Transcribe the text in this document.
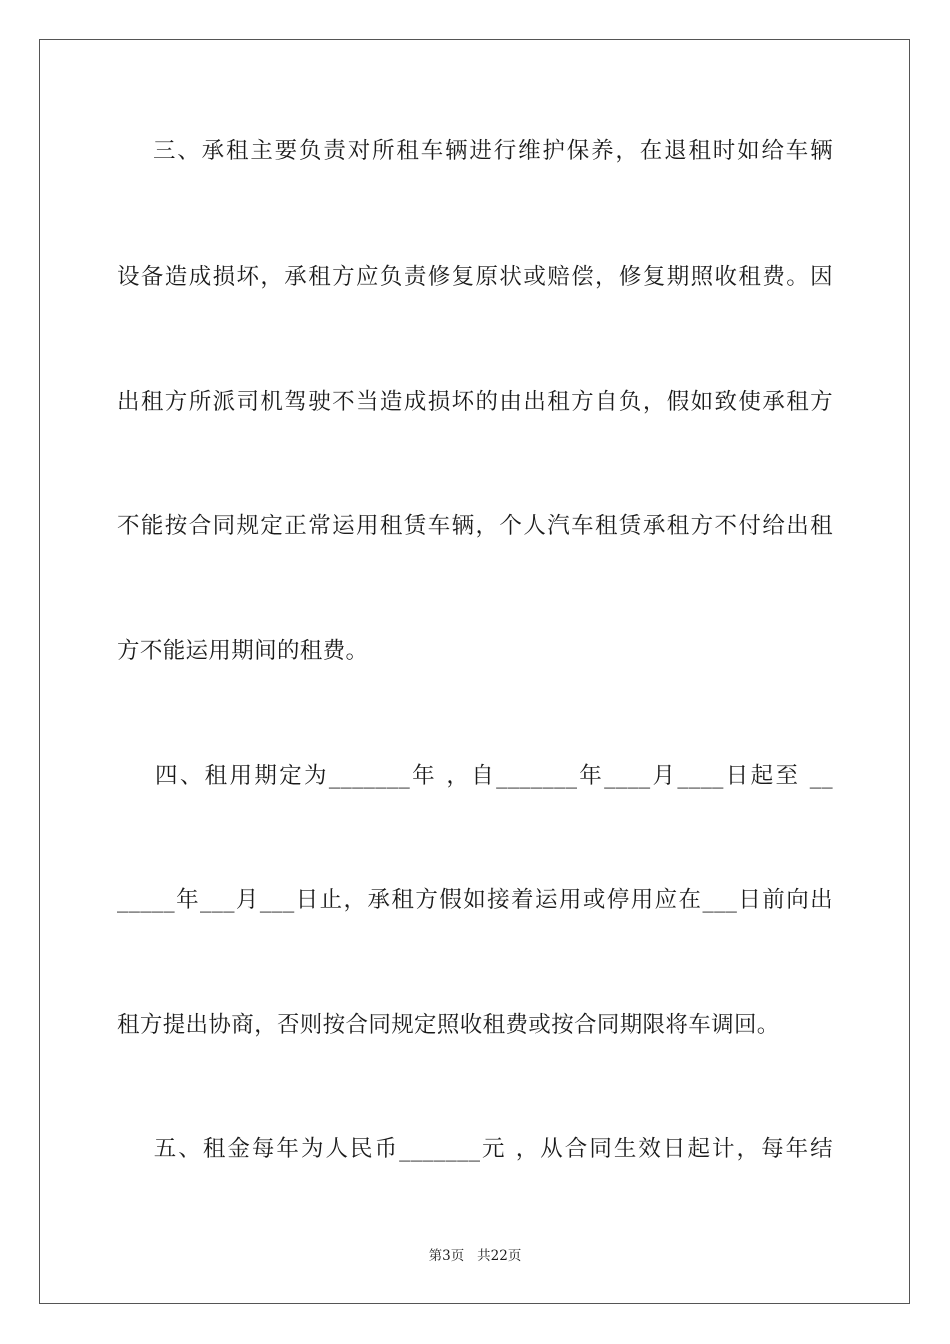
三、承租主要负责对所租车辆进行维护保养，在退租时如给车辆
设备造成损坏，承租方应负责修复原状或赔偿，修复期照收租费。因
出租方所派司机驾驶不当造成损坏的由出租方自负，假如致使承租方
不能按合同规定正常运用租赁车辆，个人汽车租赁承租方不付给出租
方不能运用期间的租费。
四、租用期定为_______年 ，自_______年____月____日起至 __
_____年___月___日止，承租方假如接着运用或停用应在___日前向出
租方提出协商，否则按合同规定照收租费或按合同期限将车调回。
五、租金每年为人民币_______元 ，从合同生效日起计，每年结
第3页   共22页
